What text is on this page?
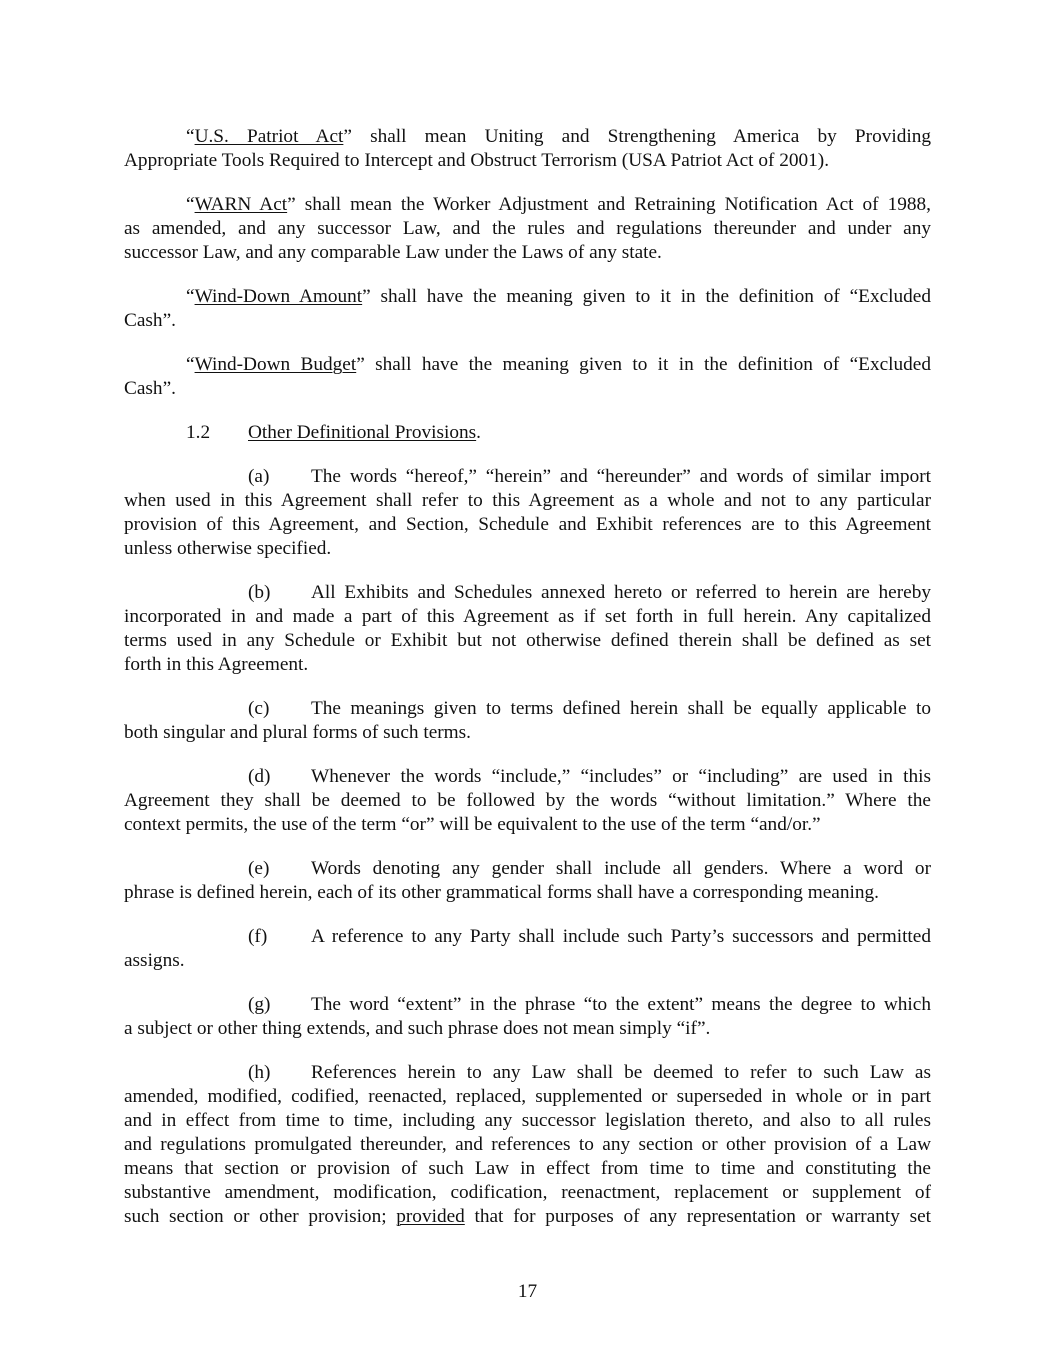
“U.S. Patriot Act” shall mean Uniting and Strengthening America by Providing
Appropriate Tools Required to Intercept and Obstruct Terrorism (USA Patriot Act of 2001).
“WARN Act” shall mean the Worker Adjustment and Retraining Notification Act of 1988,
as amended, and any successor Law, and the rules and regulations thereunder and under any
successor Law, and any comparable Law under the Laws of any state.
“Wind-Down Amount” shall have the meaning given to it in the definition of “Excluded
Cash”.
“Wind-Down Budget” shall have the meaning given to it in the definition of “Excluded
Cash”.
1.2 Other Definitional Provisions.
(a) The words “hereof,” “herein” and “hereunder” and words of similar import
when used in this Agreement shall refer to this Agreement as a whole and not to any particular
provision of this Agreement, and Section, Schedule and Exhibit references are to this Agreement
unless otherwise specified.
(b) All Exhibits and Schedules annexed hereto or referred to herein are hereby
incorporated in and made a part of this Agreement as if set forth in full herein. Any capitalized
terms used in any Schedule or Exhibit but not otherwise defined therein shall be defined as set
forth in this Agreement.
(c) The meanings given to terms defined herein shall be equally applicable to
both singular and plural forms of such terms.
(d) Whenever the words “include,” “includes” or “including” are used in this
Agreement they shall be deemed to be followed by the words “without limitation.” Where the
context permits, the use of the term “or” will be equivalent to the use of the term “and/or.”
(e) Words denoting any gender shall include all genders. Where a word or
phrase is defined herein, each of its other grammatical forms shall have a corresponding meaning.
(f) A reference to any Party shall include such Party’s successors and permitted
assigns.
(g) The word “extent” in the phrase “to the extent” means the degree to which
a subject or other thing extends, and such phrase does not mean simply “if”.
(h) References herein to any Law shall be deemed to refer to such Law as
amended, modified, codified, reenacted, replaced, supplemented or superseded in whole or in part
and in effect from time to time, including any successor legislation thereto, and also to all rules
and regulations promulgated thereunder, and references to any section or other provision of a Law
means that section or provision of such Law in effect from time to time and constituting the
substantive amendment, modification, codification, reenactment, replacement or supplement of
such section or other provision; provided that for purposes of any representation or warranty set
17
